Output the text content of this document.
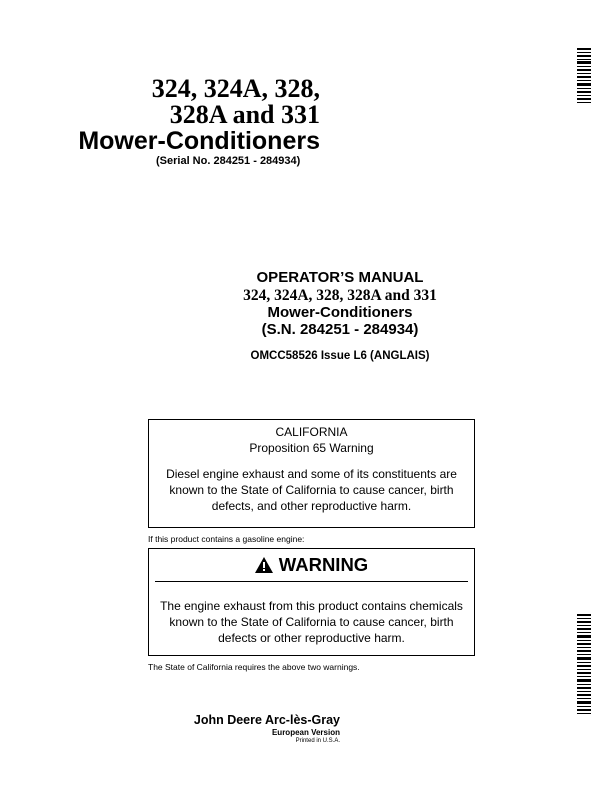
324, 324A, 328,
328A and 331
Mower-Conditioners
(Serial No. 284251 - 284934)
OPERATOR’S MANUAL
324, 324A, 328, 328A and 331
Mower-Conditioners
(S.N. 284251 - 284934)
OMCC58526 Issue L6 (ANGLAIS)
CALIFORNIA
Proposition 65 Warning
Diesel engine exhaust and some of its constituents are known to the State of California to cause cancer, birth defects, and other reproductive harm.
If this product contains a gasoline engine:
WARNING
The engine exhaust from this product contains chemicals known to the State of California to cause cancer, birth defects or other reproductive harm.
The State of California requires the above two warnings.
John Deere Arc-lès-Gray
European Version
Printed in U.S.A.
